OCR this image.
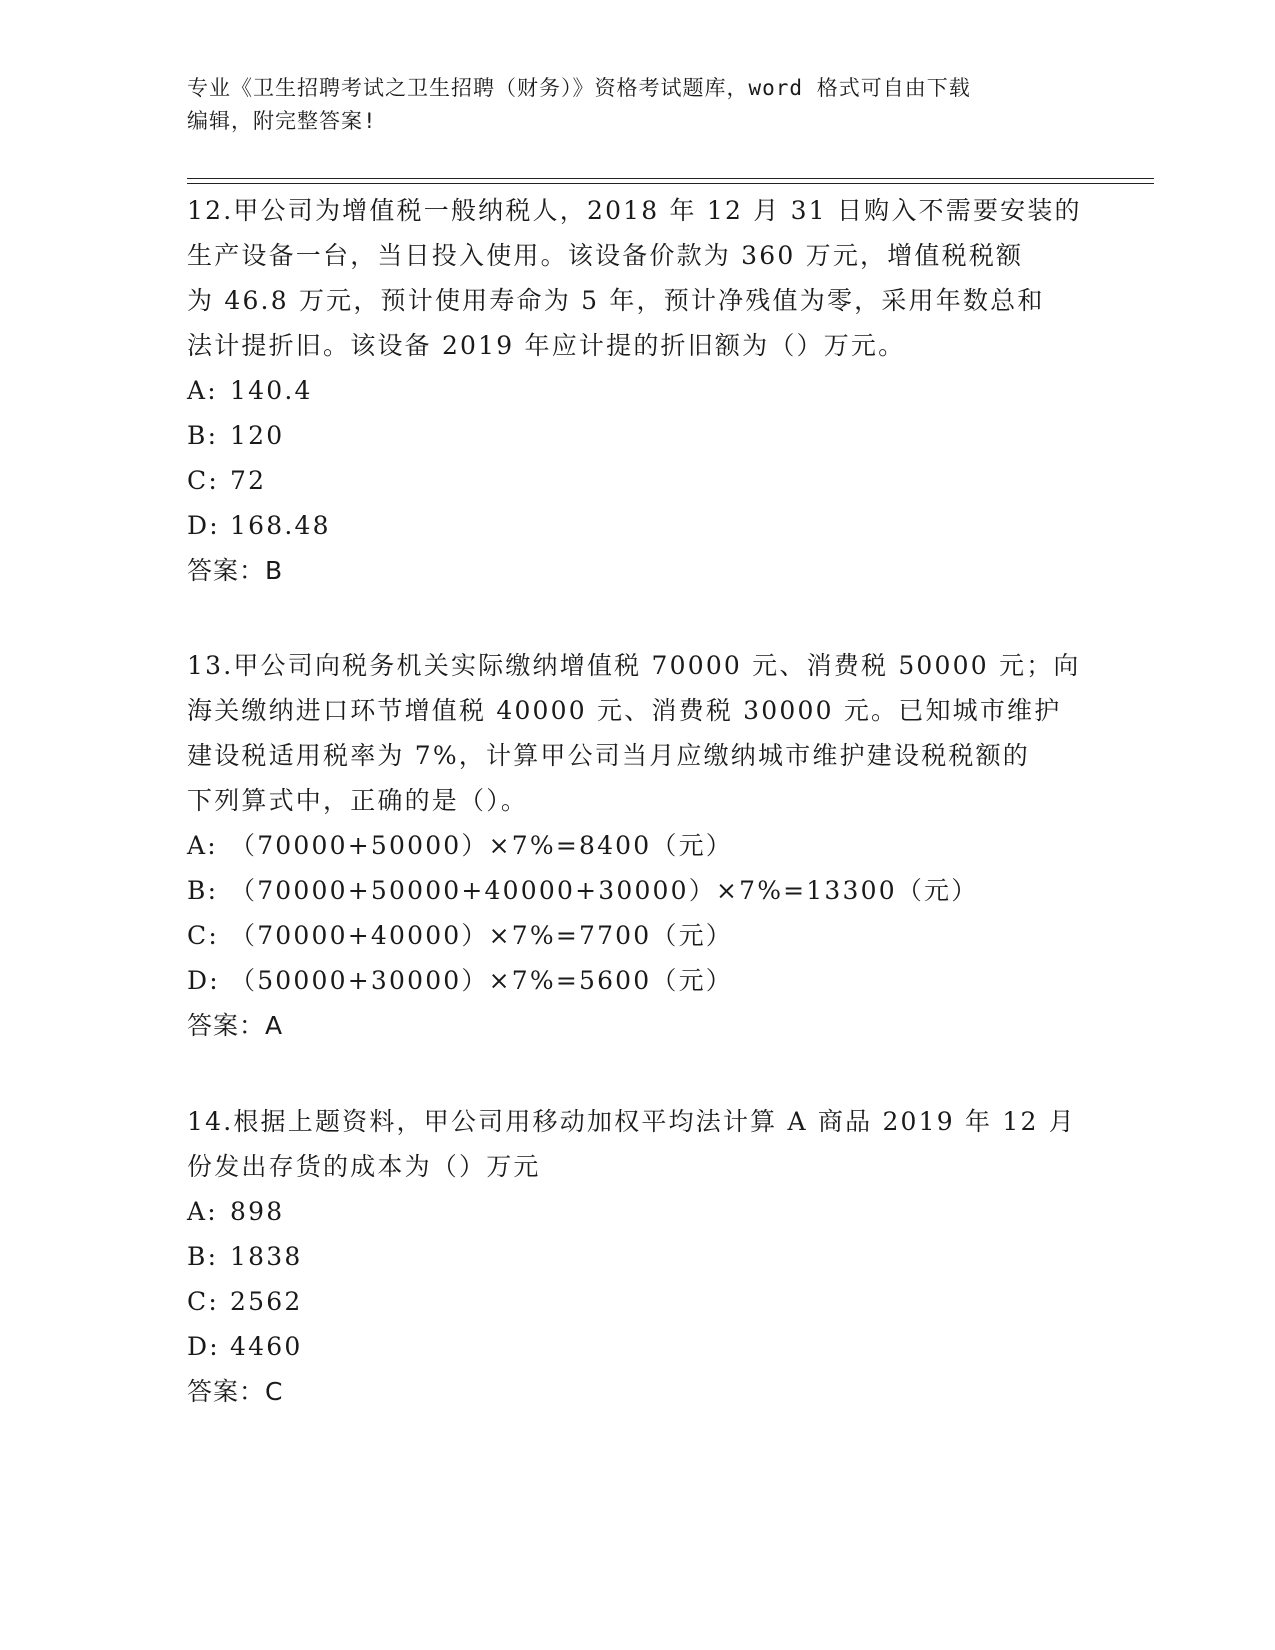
专业《卫生招聘考试之卫生招聘（财务）》资格考试题库，word 格式可自由下载
编辑，附完整答案!

12.甲公司为增值税一般纳税人，2018 年 12 月 31 日购入不需要安装的

生产设备一台，当日投入使用。该设备价款为 360 万元，增值税税额

为 46.8 万元，预计使用寿命为 5 年，预计净残值为零，采用年数总和

法计提折旧。该设备 2019 年应计提的折旧额为（）万元。

A: 140.4

B: 120

C: 72

D: 168.48

答案：B

13.甲公司向税务机关实际缴纳增值税 70000 元、消费税 50000 元；向

海关缴纳进口环节增值税 40000 元、消费税 30000 元。已知城市维护

建设税适用税率为 7%，计算甲公司当月应缴纳城市维护建设税税额的

下列算式中，正确的是（）。

A: （70000+50000）×7%=8400（元）

B: （70000+50000+40000+30000）×7%=13300（元）

C: （70000+40000）×7%=7700（元）

D: （50000+30000）×7%=5600（元）

答案：A

14.根据上题资料，甲公司用移动加权平均法计算 A 商品 2019 年 12 月

份发出存货的成本为（）万元

A: 898

B: 1838

C: 2562

D: 4460

答案：C
